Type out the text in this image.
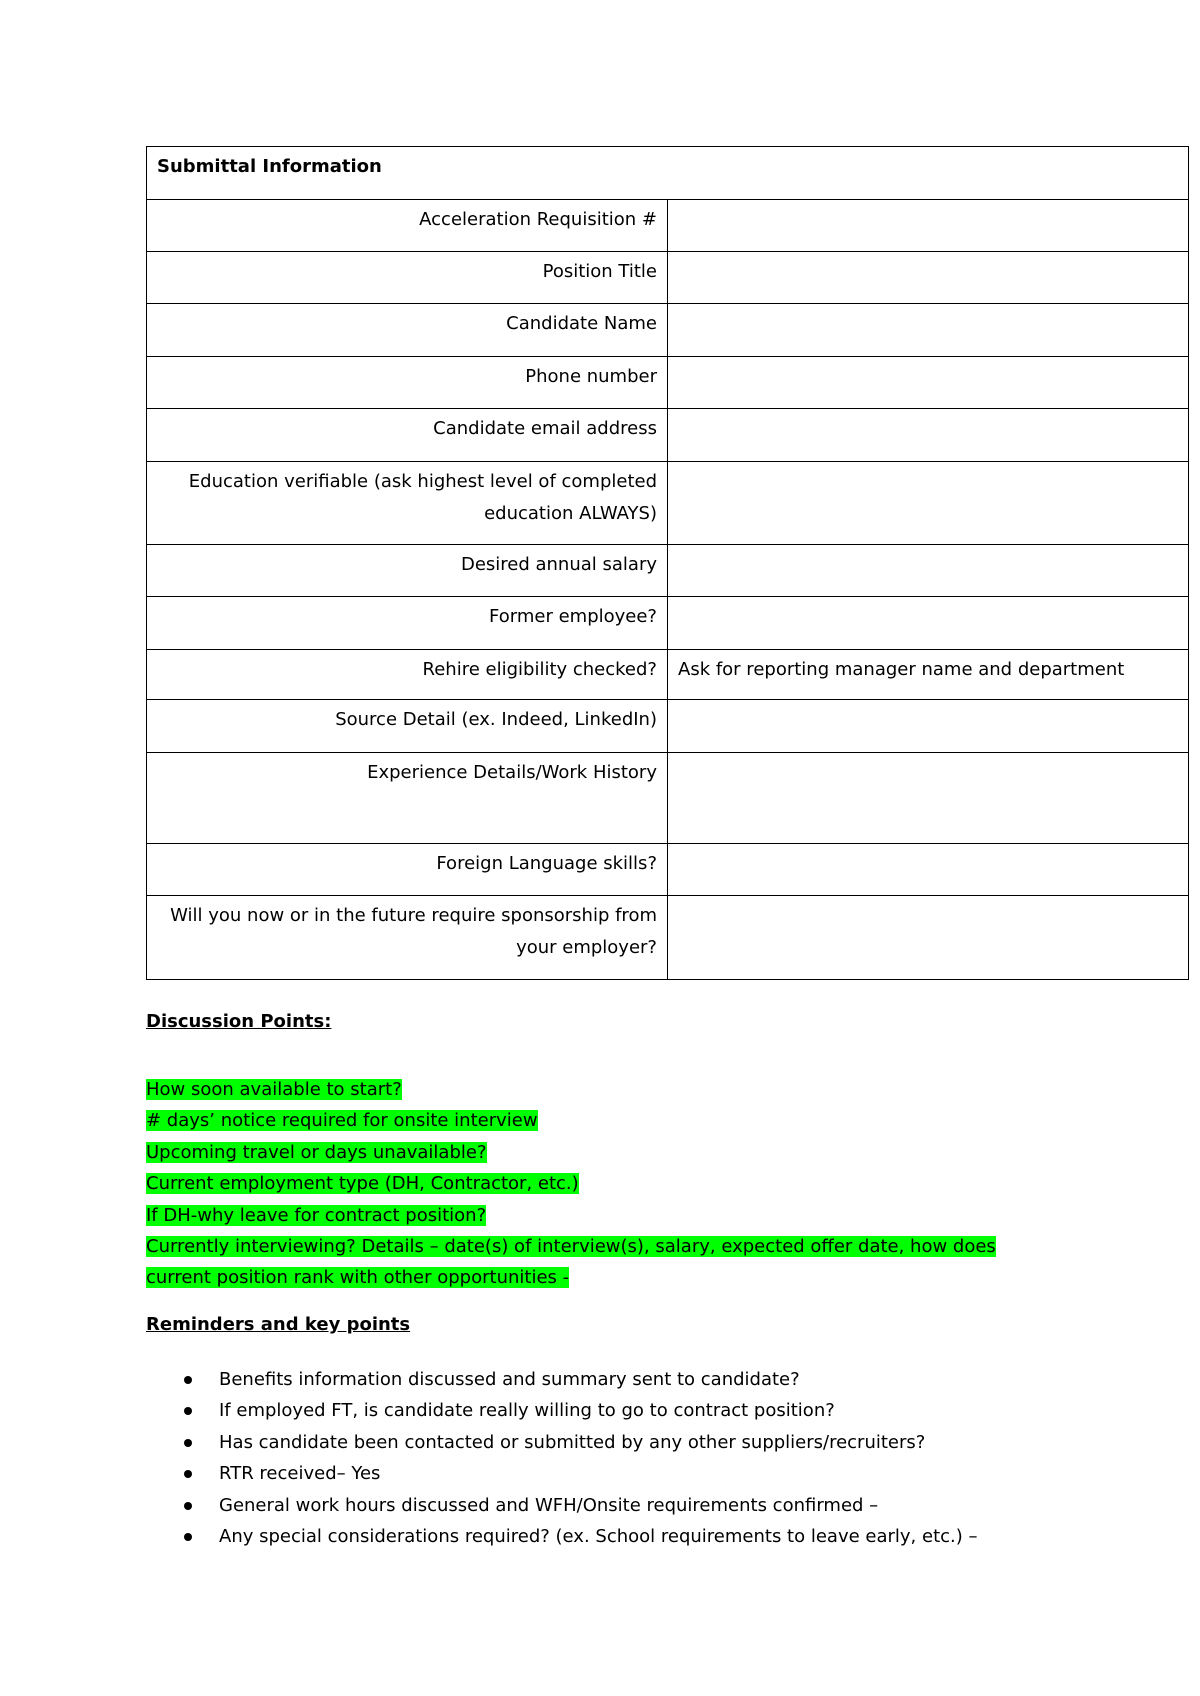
Submittal Information	
Acceleration Requisition #	
Position Title	
Candidate Name	
Phone number	
Candidate email address	
Education verifiable (ask highest level of completed education ALWAYS)	
Desired annual salary	
Former employee?	
Rehire eligibility checked?	Ask for reporting manager name and department
Source Detail (ex. Indeed, LinkedIn)	
Experience Details/Work History	
Foreign Language skills?	
Will you now or in the future require sponsorship from your employer?	
Discussion Points:
How soon available to start?
# days’ notice required for onsite interview
Upcoming travel or days unavailable?
Current employment type (DH, Contractor, etc.)
If DH-why leave for contract position?
Currently interviewing? Details – date(s) of interview(s), salary, expected offer date, how does
current position rank with other opportunities -
Reminders and key points
Benefits information discussed and summary sent to candidate?
If employed FT, is candidate really willing to go to contract position?
Has candidate been contacted or submitted by any other suppliers/recruiters?
RTR received– Yes
General work hours discussed and WFH/Onsite requirements confirmed –
Any special considerations required? (ex. School requirements to leave early, etc.) –
